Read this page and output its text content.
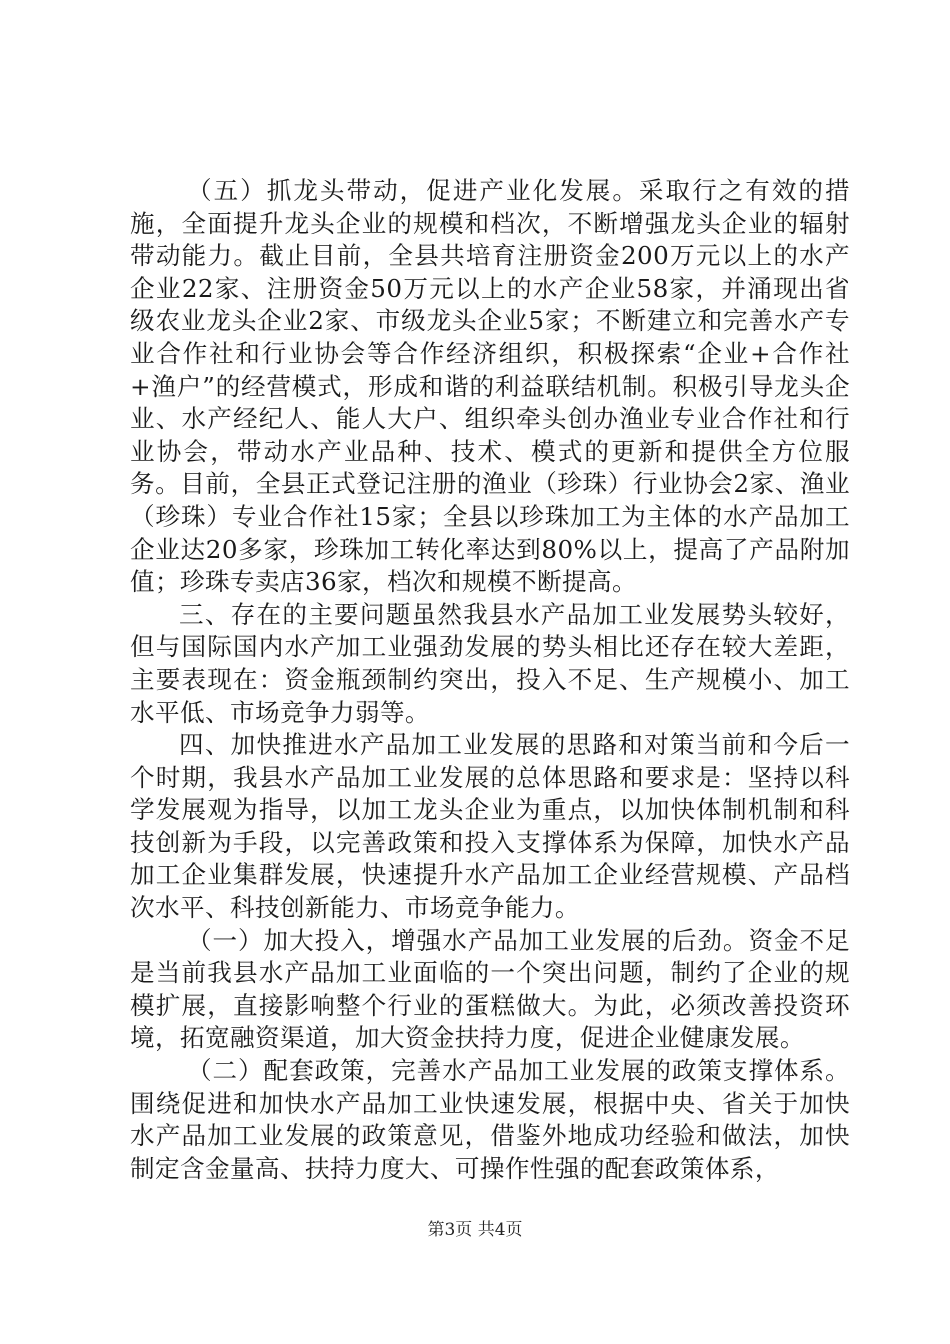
（五）抓龙头带动，促进产业化发展。采取行之有效的措施，全面提升龙头企业的规模和档次，不断增强龙头企业的辐射带动能力。截止目前，全县共培育注册资金200万元以上的水产企业22家、注册资金50万元以上的水产企业58家，并涌现出省级农业龙头企业2家、市级龙头企业5家；不断建立和完善水产专业合作社和行业协会等合作经济组织，积极探索“企业+合作社+渔户”的经营模式，形成和谐的利益联结机制。积极引导龙头企业、水产经纪人、能人大户、组织牵头创办渔业专业合作社和行业协会，带动水产业品种、技术、模式的更新和提供全方位服务。目前，全县正式登记注册的渔业（珍珠）行业协会2家、渔业（珍珠）专业合作社15家；全县以珍珠加工为主体的水产品加工企业达20多家，珍珠加工转化率达到80%以上，提高了产品附加值；珍珠专卖店36家，档次和规模不断提高。

三、存在的主要问题虽然我县水产品加工业发展势头较好，但与国际国内水产加工业强劲发展的势头相比还存在较大差距，主要表现在：资金瓶颈制约突出，投入不足、生产规模小、加工水平低、市场竞争力弱等。

四、加快推进水产品加工业发展的思路和对策当前和今后一个时期，我县水产品加工业发展的总体思路和要求是：坚持以科学发展观为指导，以加工龙头企业为重点，以加快体制机制和科技创新为手段，以完善政策和投入支撑体系为保障，加快水产品加工企业集群发展，快速提升水产品加工企业经营规模、产品档次水平、科技创新能力、市场竞争能力。

（一）加大投入，增强水产品加工业发展的后劲。资金不足是当前我县水产品加工业面临的一个突出问题，制约了企业的规模扩展，直接影响整个行业的蛋糕做大。为此，必须改善投资环境，拓宽融资渠道，加大资金扶持力度，促进企业健康发展。

（二）配套政策，完善水产品加工业发展的政策支撑体系。围绕促进和加快水产品加工业快速发展，根据中央、省关于加快水产品加工业发展的政策意见，借鉴外地成功经验和做法，加快制定含金量高、扶持力度大、可操作性强的配套政策体系，

第3页 共4页
